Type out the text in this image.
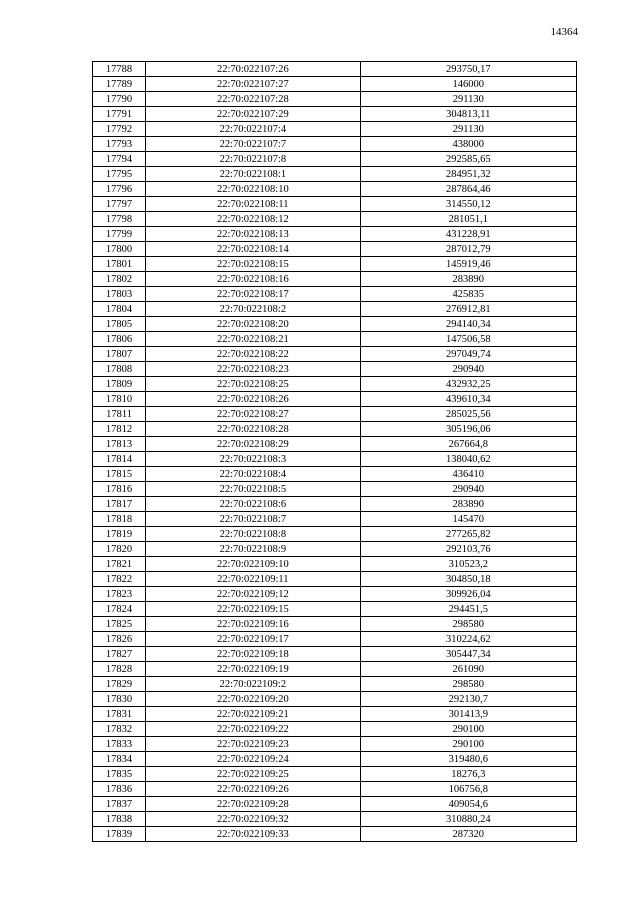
14364
17788	22:70:022107:26	293750,17
17789	22:70:022107:27	146000
17790	22:70:022107:28	291130
17791	22:70:022107:29	304813,11
17792	22:70:022107:4	291130
17793	22:70:022107:7	438000
17794	22:70:022107:8	292585,65
17795	22:70:022108:1	284951,32
17796	22:70:022108:10	287864,46
17797	22:70:022108:11	314550,12
17798	22:70:022108:12	281051,1
17799	22:70:022108:13	431228,91
17800	22:70:022108:14	287012,79
17801	22:70:022108:15	145919,46
17802	22:70:022108:16	283890
17803	22:70:022108:17	425835
17804	22:70:022108:2	276912,81
17805	22:70:022108:20	294140,34
17806	22:70:022108:21	147506,58
17807	22:70:022108:22	297049,74
17808	22:70:022108:23	290940
17809	22:70:022108:25	432932,25
17810	22:70:022108:26	439610,34
17811	22:70:022108:27	285025,56
17812	22:70:022108:28	305196,06
17813	22:70:022108:29	267664,8
17814	22:70:022108:3	138040,62
17815	22:70:022108:4	436410
17816	22:70:022108:5	290940
17817	22:70:022108:6	283890
17818	22:70:022108:7	145470
17819	22:70:022108:8	277265,82
17820	22:70:022108:9	292103,76
17821	22:70:022109:10	310523,2
17822	22:70:022109:11	304850,18
17823	22:70:022109:12	309926,04
17824	22:70:022109:15	294451,5
17825	22:70:022109:16	298580
17826	22:70:022109:17	310224,62
17827	22:70:022109:18	305447,34
17828	22:70:022109:19	261090
17829	22:70:022109:2	298580
17830	22:70:022109:20	292130,7
17831	22:70:022109:21	301413,9
17832	22:70:022109:22	290100
17833	22:70:022109:23	290100
17834	22:70:022109:24	319480,6
17835	22:70:022109:25	18276,3
17836	22:70:022109:26	106756,8
17837	22:70:022109:28	409054,6
17838	22:70:022109:32	310880,24
17839	22:70:022109:33	287320
